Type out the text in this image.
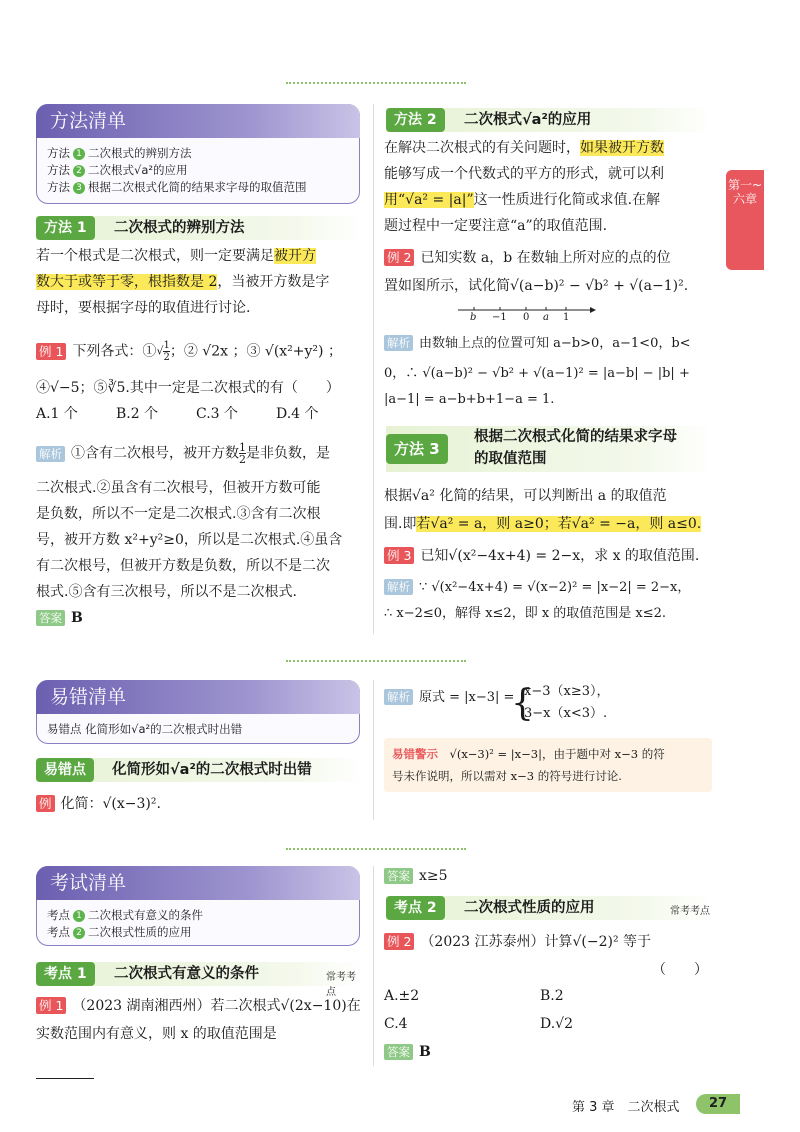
方法清单
方法 1 二次根式的辨别方法
方法 2 二次根式√a²的应用
方法 3 根据二次根式化简的结果求字母的取值范围
方法 1	二次根式的辨别方法
若一个根式是二次根式，则一定要满足被开方
数大于或等于零，根指数是 2，当被开方数是字
母时，要根据字母的取值进行讨论.
例 1 下列各式：①√ $\frac{1}{2}$ ；② √2x ；③ √(x²+y²) ；
④√−5；⑤∛5.其中一定是二次根式的有（　　）
A.1 个	B.2 个	C.3 个	D.4 个
解析 ①含有二次根号，被开方数 $\frac{1}{2}$ 是非负数，是
二次根式.②虽含有二次根号，但被开方数可能
是负数，所以不一定是二次根式.③含有二次根
号，被开方数 x²+y²≥0，所以是二次根式.④虽含
有二次根号，但被开方数是负数，所以不是二次
根式.⑤含有三次根号，所以不是二次根式.
答案 B
方法 2	二次根式√a²的应用
在解决二次根式的有关问题时，如果被开方数
能够写成一个代数式的平方的形式，就可以利
用“√a² = |a|”这一性质进行化简或求值.在解
题过程中一定要注意“a”的取值范围.
例 2 已知实数 a，b 在数轴上所对应的点的位
置如图所示，试化简√(a−b)² − √b² + √(a−1)².
b −1 0 a 1
解析 由数轴上点的位置可知 a−b>0，a−1<0，b<
0，∴ √(a−b)² − √b² + √(a−1)² = |a−b| − |b| +
|a−1| = a−b+b+1−a = 1.
方法 3
根据二次根式化简的结果求字母
的取值范围
根据√a² 化简的结果，可以判断出 a 的取值范
围.即若√a² = a，则 a≥0；若√a² = −a，则 a≤0.
例 3 已知√(x²−4x+4) = 2−x，求 x 的取值范围.
解析 ∵ √(x²−4x+4) = √(x−2)² = |x−2| = 2−x，
∴ x−2≤0，解得 x≤2，即 x 的取值范围是 x≤2.
第一~六章
易错清单
易错点 化简形如√a²的二次根式时出错
易错点	化简形如√a²的二次根式时出错
例 化简：√(x−3)².
解析 原式 = |x−3| =
{
x−3（x≥3），
3−x（x<3）.
易错警示　 √(x−3)² = |x−3|，由于题中对 x−3 的符
号未作说明，所以需对 x−3 的符号进行讨论.
考试清单
考点 1 二次根式有意义的条件
考点 2 二次根式性质的应用
考点 1	二次根式有意义的条件	常考考点
例 1 （2023 湖南湘西州）若二次根式√(2x−10)在
实数范围内有意义，则 x 的取值范围是
答案 x≥5
考点 2	二次根式性质的应用	常考考点
例 2 （2023 江苏泰州）计算√(−2)² 等于
（　　）
A.±2	B.2
C.4	D.√2
答案 B
第 3 章　二次根式	27
